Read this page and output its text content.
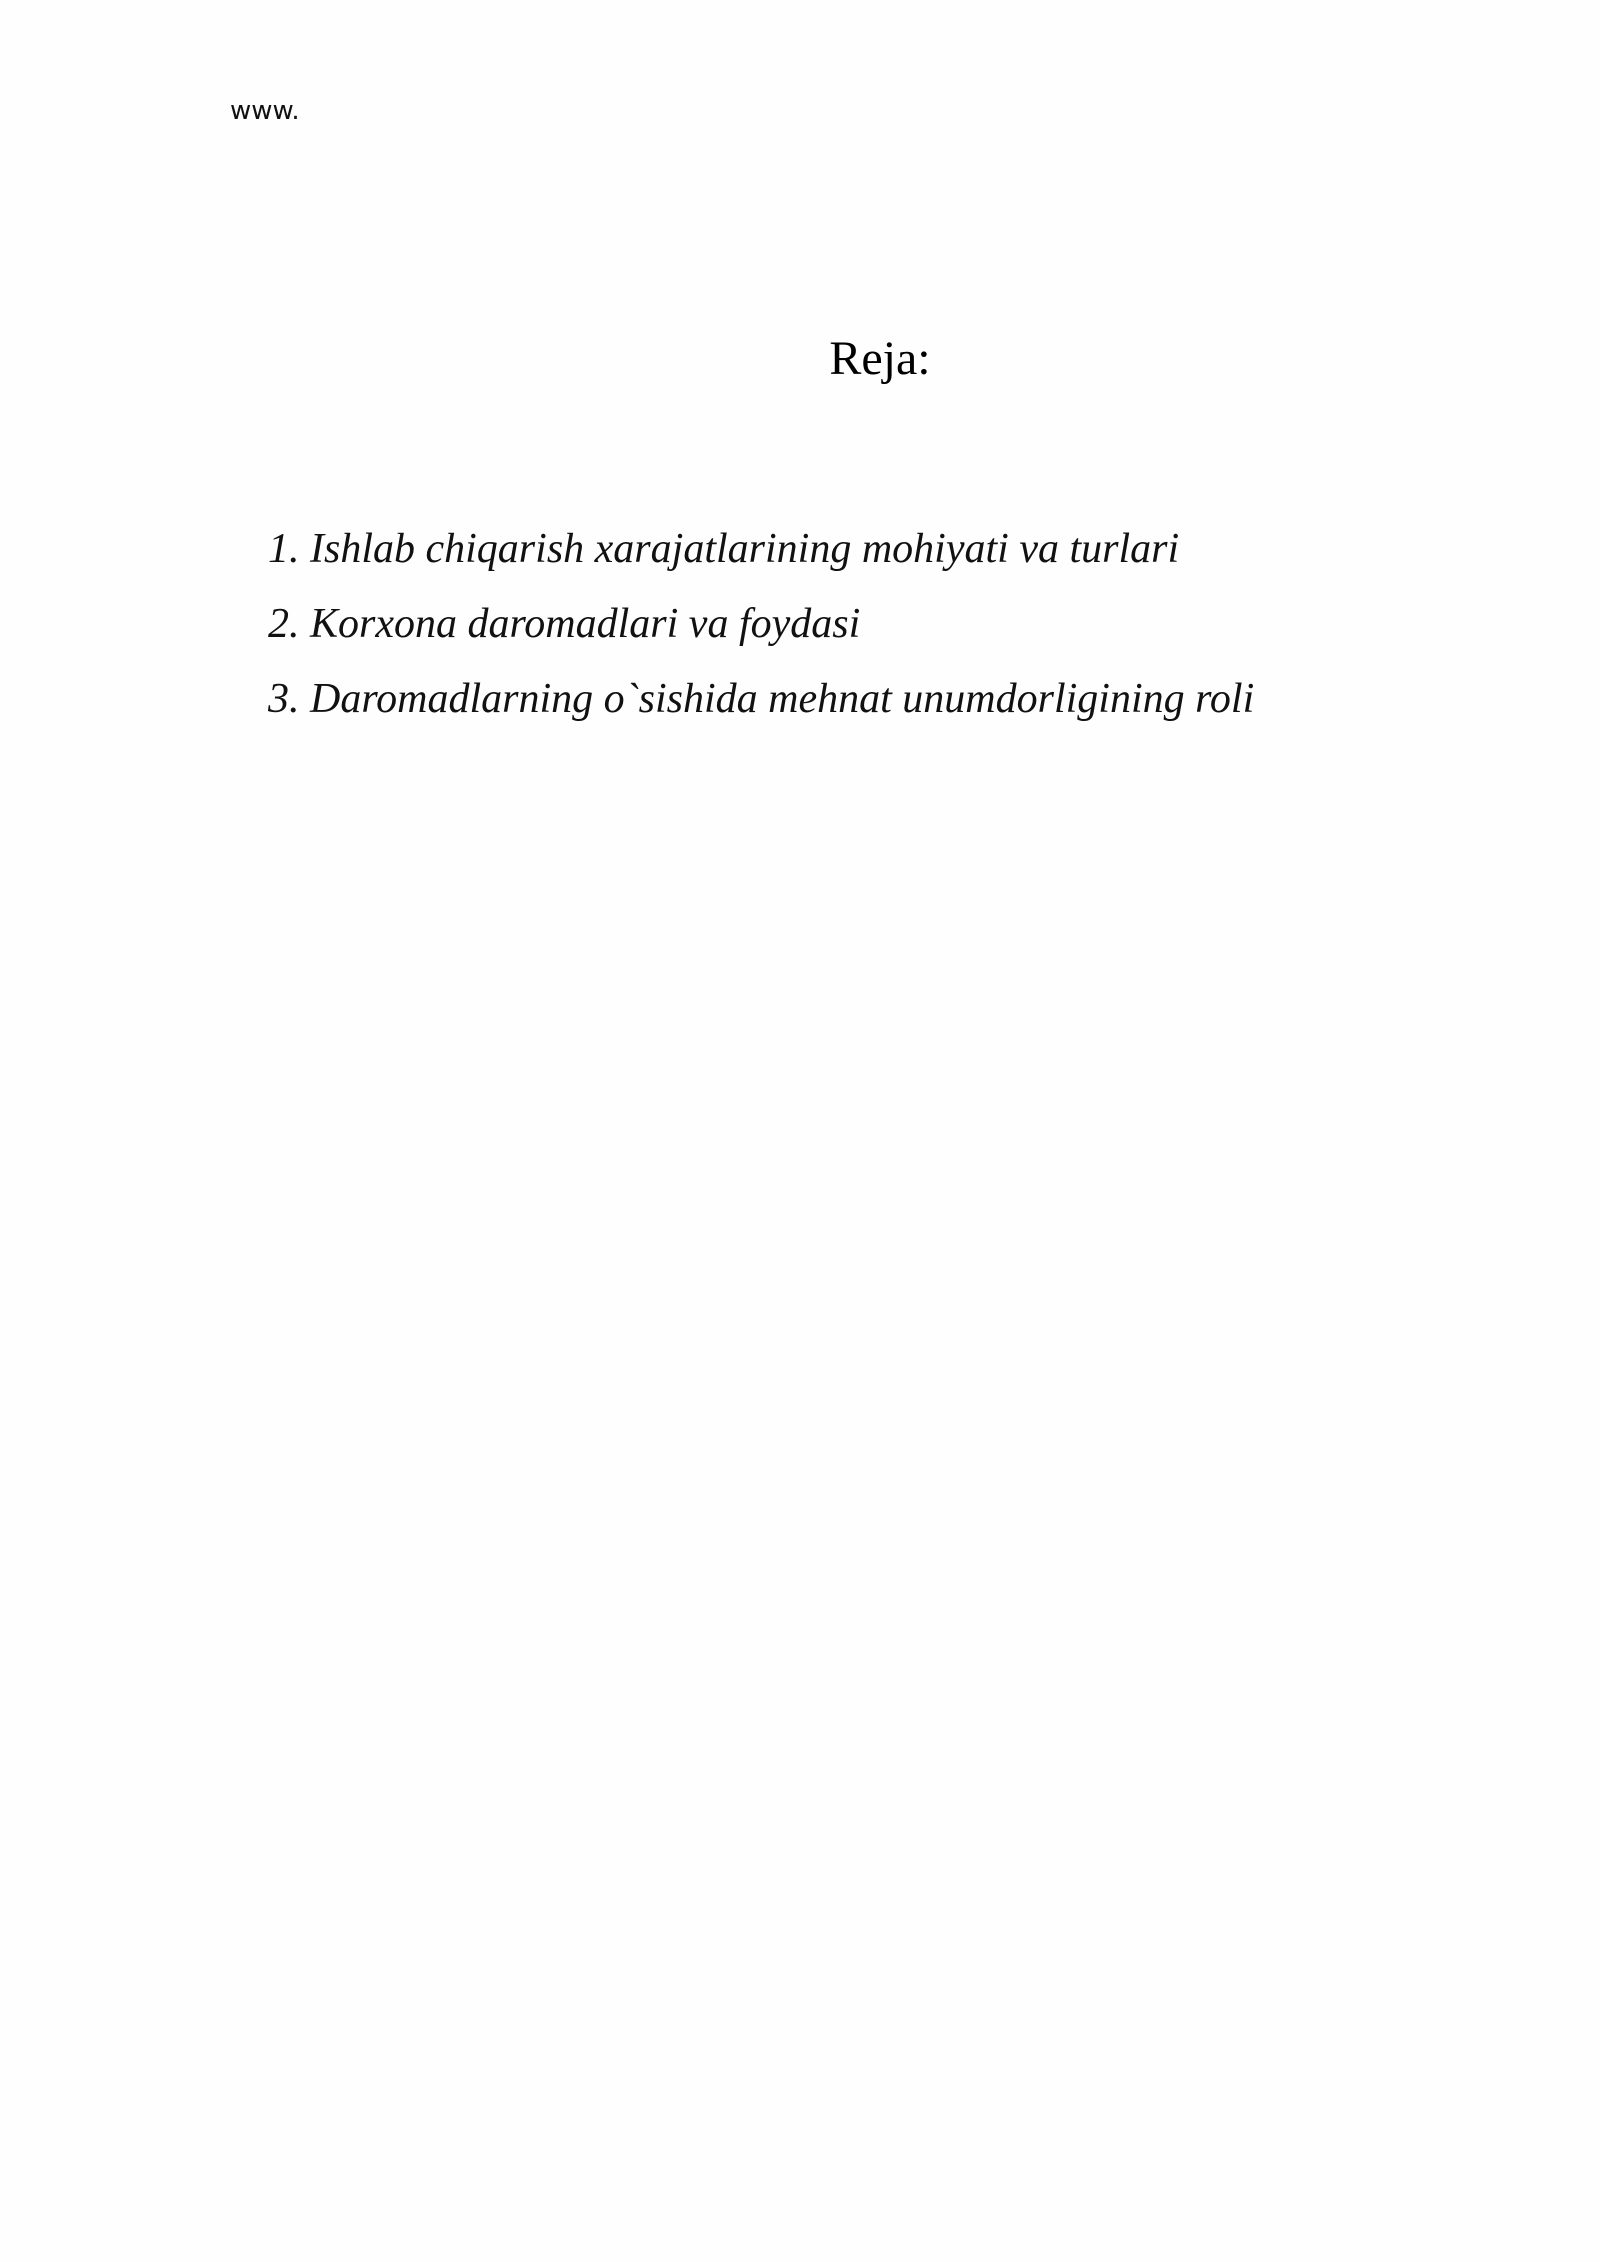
www.
Reja:
1. Ishlab chiqarish xarajatlarining mohiyati va turlari
2. Korxona daromadlari va foydasi
3. Daromadlarning o`sishida mehnat unumdorligining roli
